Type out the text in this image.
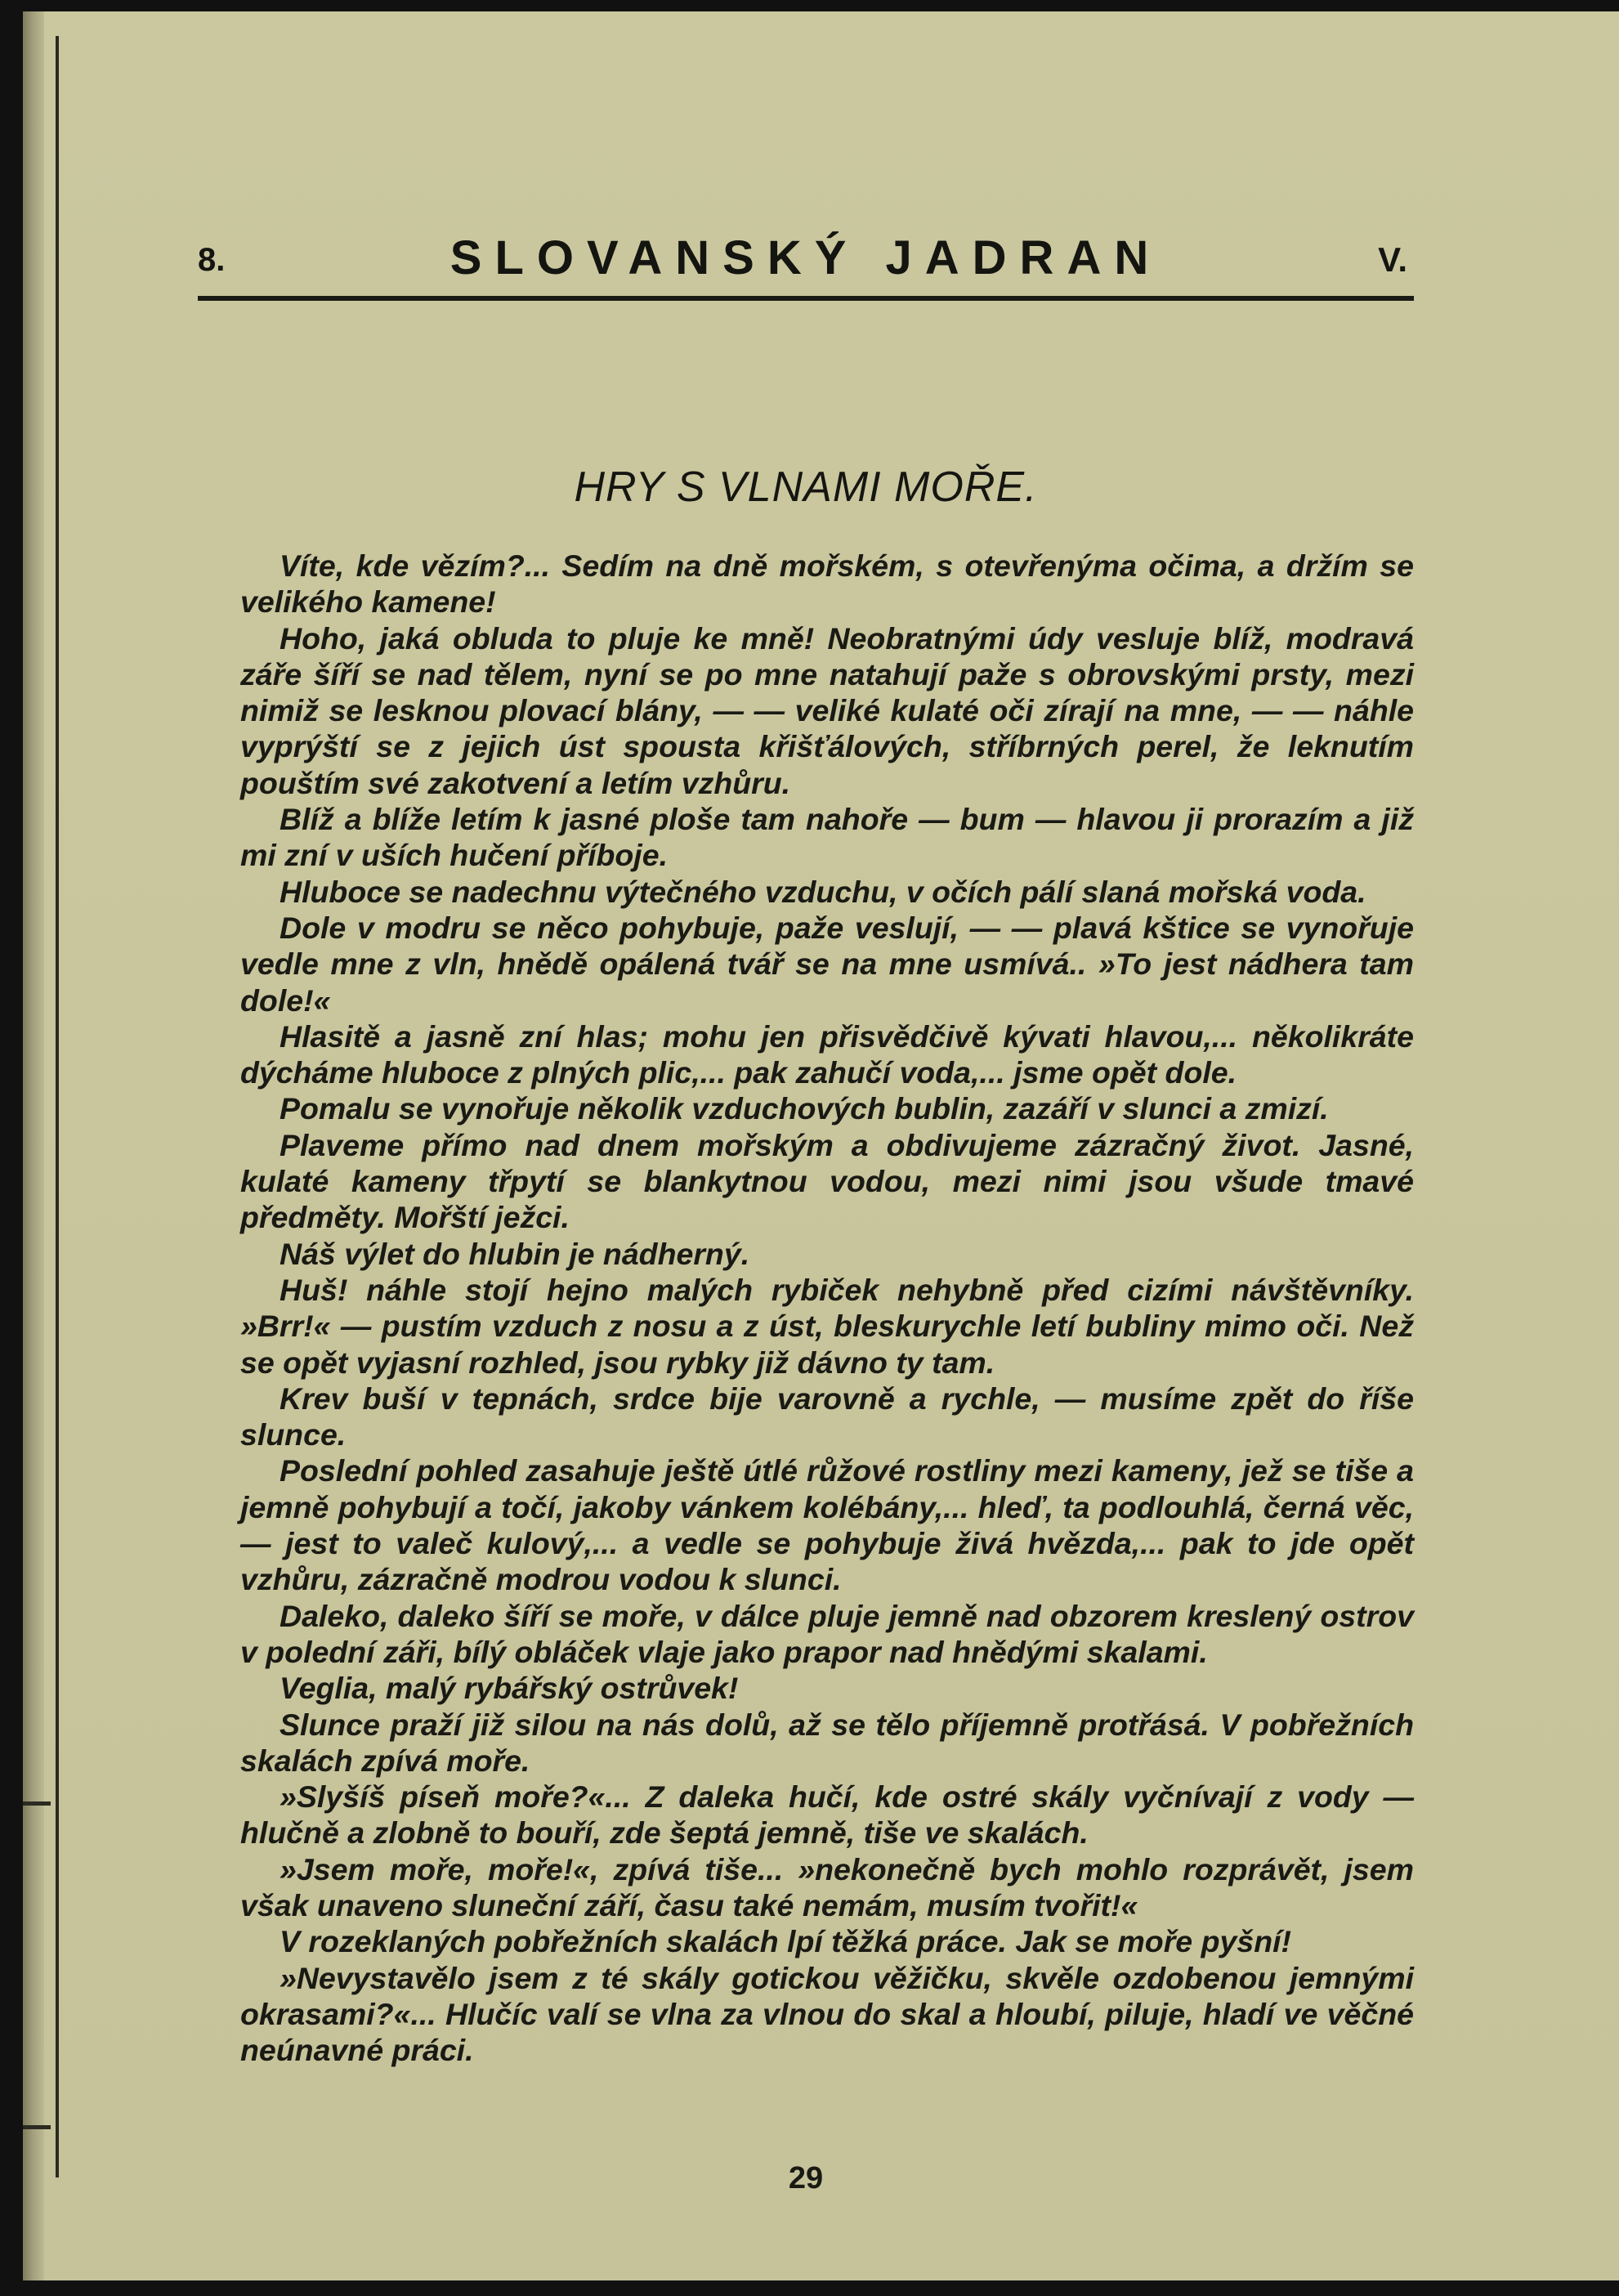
8.	SLOVANSKÝ JADRAN	V.
HRY S VLNAMI MOŘE.

Víte, kde vězím?... Sedím na dně mořském, s otevřenýma očima, a držím se velikého kamene!

Hoho, jaká obluda to pluje ke mně! Neobratnými údy vesluje blíž, modravá záře šíří se nad tělem, nyní se po mne natahují paže s obrovskými prsty, mezi nimiž se lesknou plovací blány, — — veliké kulaté oči zírají na mne, — — náhle vyprýští se z jejich úst spousta křišťálových, stříbrných perel, že leknutím pouštím své zakotvení a letím vzhůru.

Blíž a blíže letím k jasné ploše tam nahoře — bum — hlavou ji prorazím a již mi zní v uších hučení příboje.

Hluboce se nadechnu výtečného vzduchu, v očích pálí slaná mořská voda.

Dole v modru se něco pohybuje, paže veslují, — — plavá kštice se vynořuje vedle mne z vln, hnědě opálená tvář se na mne usmívá.. »To jest nádhera tam dole!«

Hlasitě a jasně zní hlas; mohu jen přisvědčivě kývati hlavou,... několikráte dýcháme hluboce z plných plic,... pak zahučí voda,... jsme opět dole.

Pomalu se vynořuje několik vzduchových bublin, zazáří v slunci a zmizí.

Plaveme přímo nad dnem mořským a obdivujeme zázračný život. Jasné, kulaté kameny třpytí se blankytnou vodou, mezi nimi jsou všude tmavé předměty. Mořští ježci.

Náš výlet do hlubin je nádherný.

Huš! náhle stojí hejno malých rybiček nehybně před cizími návštěvníky. »Brr!« — pustím vzduch z nosu a z úst, bleskurychle letí bubliny mimo oči. Než se opět vyjasní rozhled, jsou rybky již dávno ty tam.

Krev buší v tepnách, srdce bije varovně a rychle, — musíme zpět do říše slunce.

Poslední pohled zasahuje ještě útlé růžové rostliny mezi kameny, jež se tiše a jemně pohybují a točí, jakoby vánkem kolébány,... hleď, ta podlouhlá, černá věc, — jest to valeč kulový,... a vedle se pohybuje živá hvězda,... pak to jde opět vzhůru, zázračně modrou vodou k slunci.

Daleko, daleko šíří se moře, v dálce pluje jemně nad obzorem kreslený ostrov v polední záři, bílý obláček vlaje jako prapor nad hnědými skalami.

Veglia, malý rybářský ostrůvek!

Slunce praží již silou na nás dolů, až se tělo příjemně protřásá. V pobřežních skalách zpívá moře.

»Slyšíš píseň moře?«... Z daleka hučí, kde ostré skály vyčnívají z vody — hlučně a zlobně to bouří, zde šeptá jemně, tiše ve skalách.

»Jsem moře, moře!«, zpívá tiše... »nekonečně bych mohlo rozprávět, jsem však unaveno sluneční září, času také nemám, musím tvořit!«

V rozeklaných pobřežních skalách lpí těžká práce. Jak se moře pyšní!

»Nevystavělo jsem z té skály gotickou věžičku, skvěle ozdobenou jemnými okrasami?«... Hlučíc valí se vlna za vlnou do skal a hloubí, piluje, hladí ve věčné neúnavné práci.

29
